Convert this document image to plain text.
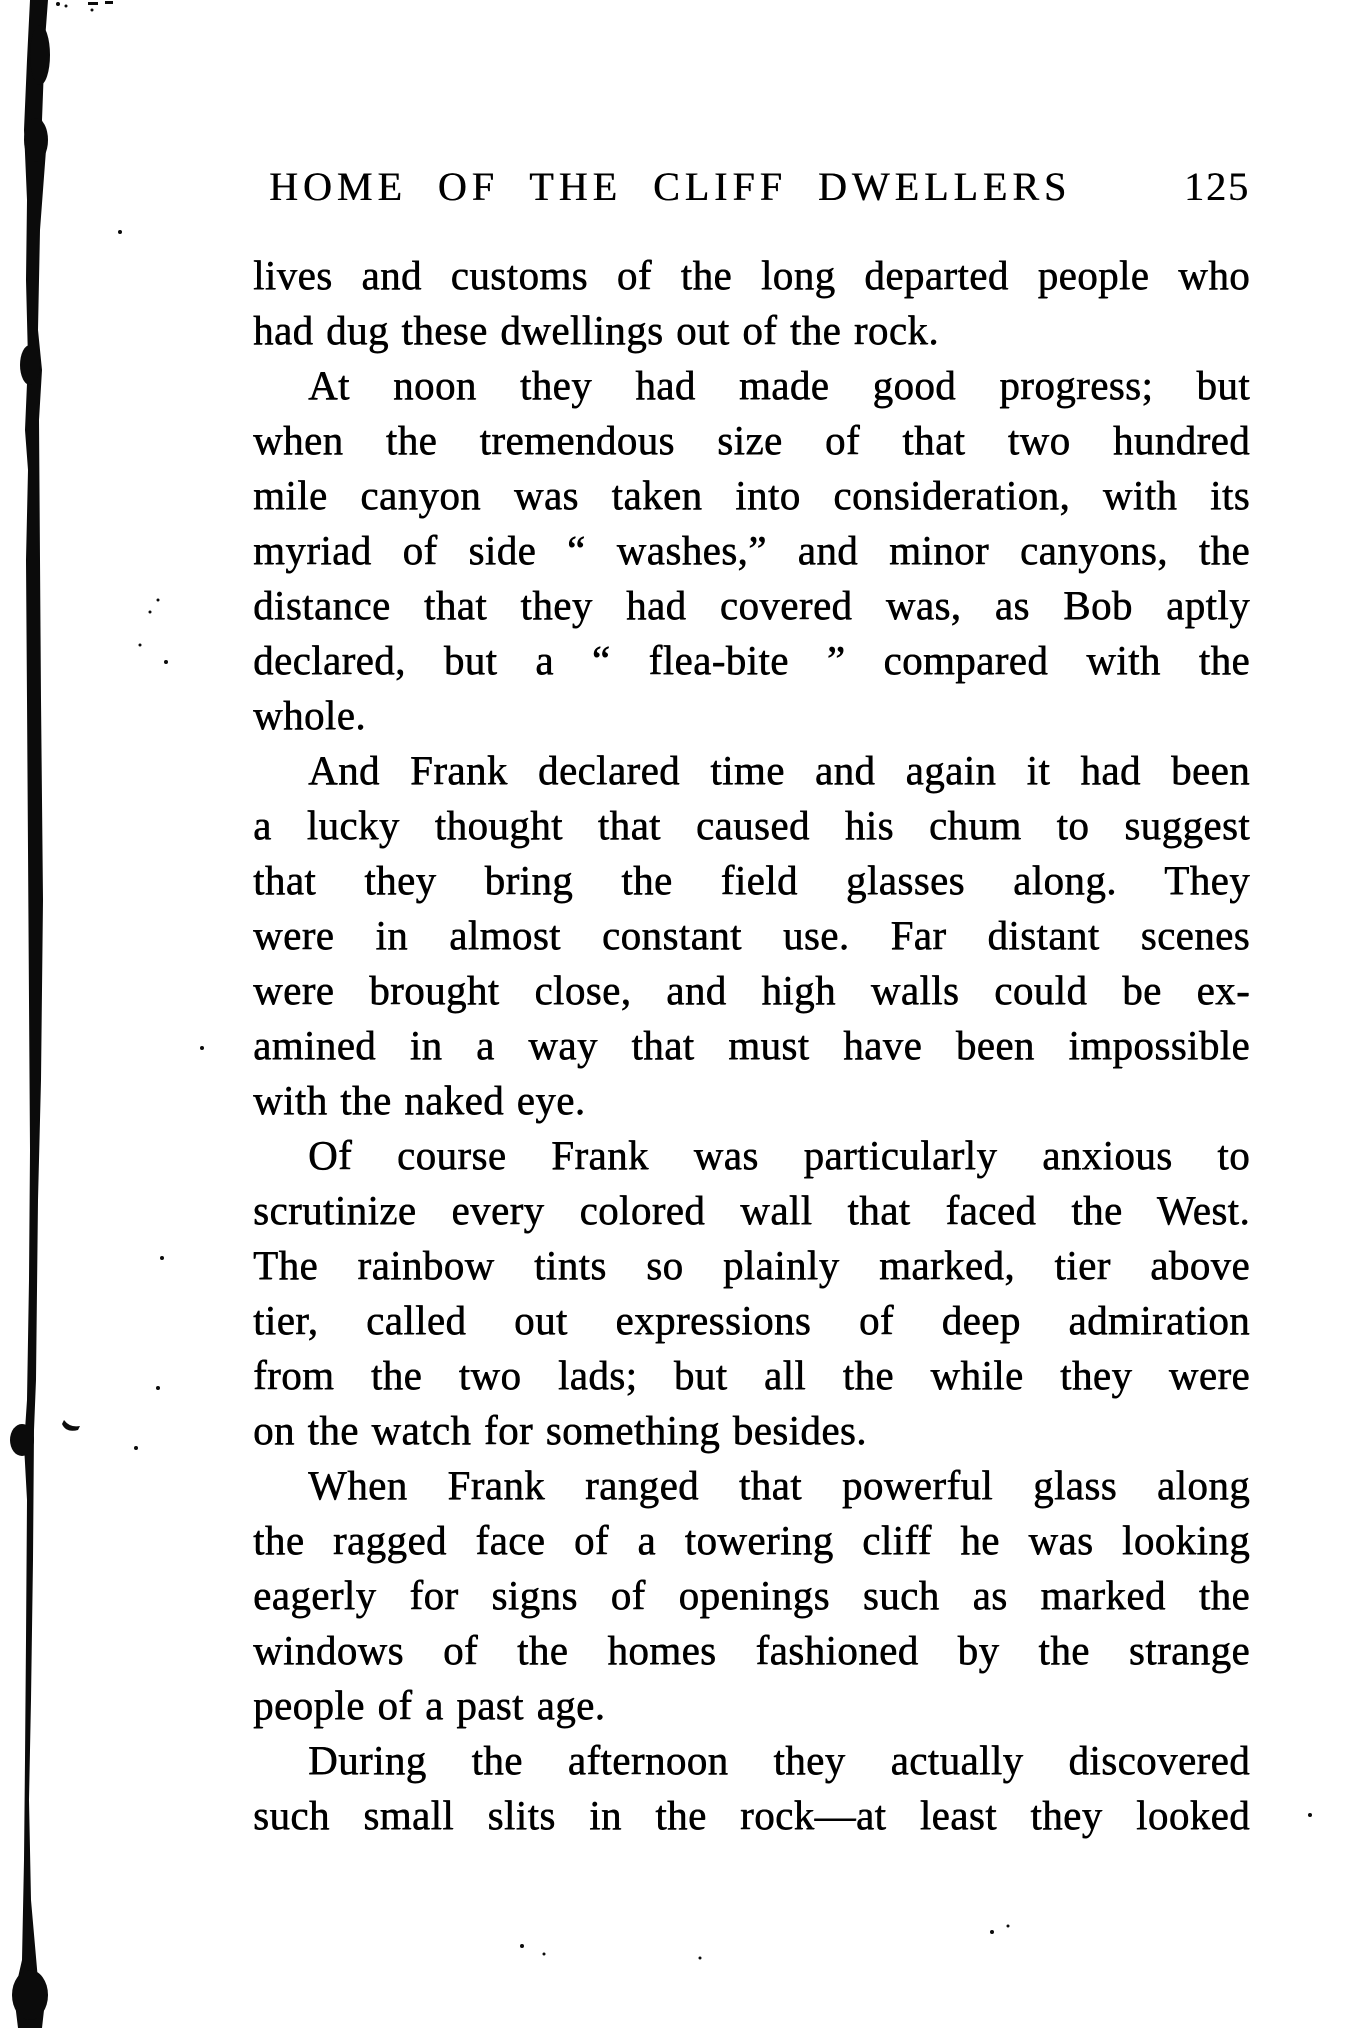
HOME OF THE CLIFF DWELLERS	125
lives and customs of the long departed people who
had dug these dwellings out of the rock.
At noon they had made good progress; but
when the tremendous size of that two hundred
mile canyon was taken into consideration, with its
myriad of side “ washes,” and minor canyons, the
distance that they had covered was, as Bob aptly
declared, but a “ flea-bite ” compared with the
whole.
And Frank declared time and again it had been
a lucky thought that caused his chum to suggest
that they bring the field glasses along. They
were in almost constant use. Far distant scenes
were brought close, and high walls could be ex-
amined in a way that must have been impossible
with the naked eye.
Of course Frank was particularly anxious to
scrutinize every colored wall that faced the West.
The rainbow tints so plainly marked, tier above
tier, called out expressions of deep admiration
from the two lads; but all the while they were
on the watch for something besides.
When Frank ranged that powerful glass along
the ragged face of a towering cliff he was looking
eagerly for signs of openings such as marked the
windows of the homes fashioned by the strange
people of a past age.
During the afternoon they actually discovered
such small slits in the rock—at least they looked
